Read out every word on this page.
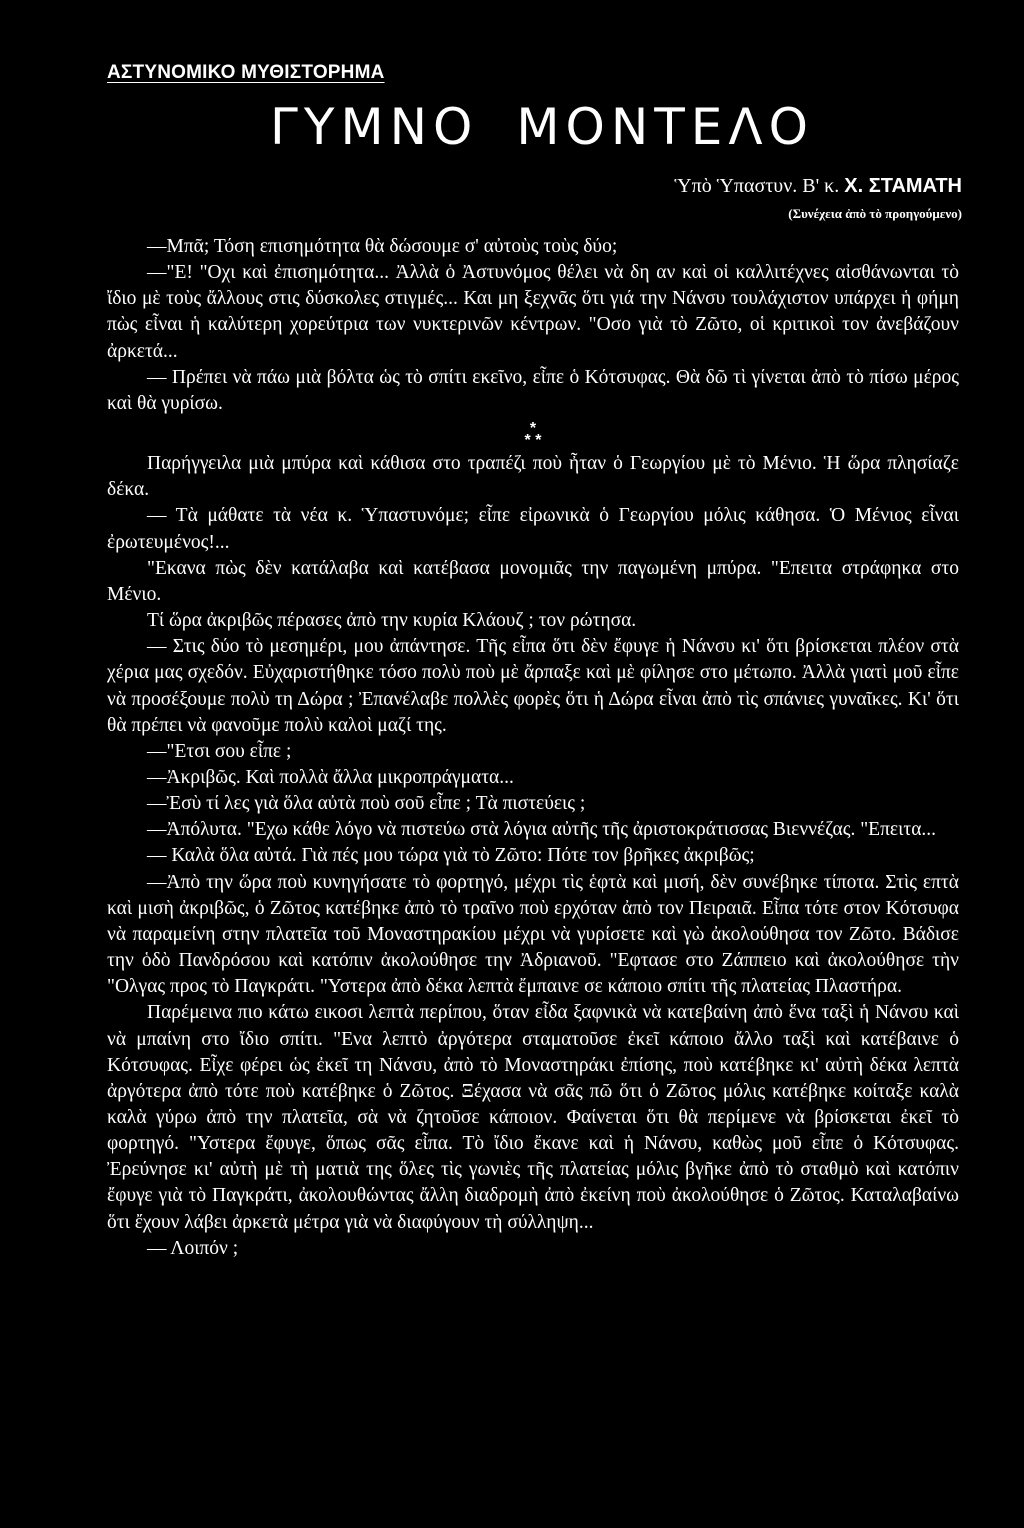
ΑΣΤΥΝΟΜΙΚΟ ΜΥΘΙΣΤΟΡΗΜΑ
ΓΥΜΝΟ ΜΟΝΤΕΛΟ
Ὑπὸ Ὑπαστυν. Β' κ. Χ. ΣΤΑΜΑΤΗ
(Συνέχεια ἀπὸ τὸ προηγούμενο)

—Μπᾶ; Τόση επισημότητα θὰ δώσουμε σ' αὐτοὺς τοὺς δύο;

—"Ε! "Οχι καὶ ἐπισημότητα... Ἀλλὰ ὁ Ἀστυνόμος θέλει νὰ δη αν καὶ οἱ καλλιτέχνες αἰσθάνωνται τὸ ἴδιο μὲ τοὺς ἄλλους στις δύσκολες στιγμές... Και μη ξεχνᾶς ὅτι γιά την Νάνσυ τουλάχιστον υπάρχει ἡ φήμη πὼς εἶναι ἡ καλύτερη χορεύτρια των νυκτερινῶν κέντρων. "Οσο γιὰ τὸ Ζῶτο, οἱ κριτικοὶ τον ἀνεβάζουν ἀρκετά...

— Πρέπει νὰ πάω μιὰ βόλτα ὡς τὸ σπίτι εκεῖνο, εἶπε ὁ Κότσυφας. Θὰ δῶ τὶ γίνεται ἀπὸ τὸ πίσω μέρος καὶ θὰ γυρίσω.

*
* *

Παρήγγειλα μιὰ μπύρα καὶ κάθισα στο τραπέζι ποὺ ἦταν ὁ Γεωργίου μὲ τὸ Μένιο. Ἡ ὥρα πλησίαζε δέκα.

— Τὰ μάθατε τὰ νέα κ. Ὑπαστυνόμε; εἶπε εἰρωνικὰ ὁ Γεωργίου μόλις κάθησα. Ὁ Μένιος εἶναι ἐρωτευμένος!...

"Εκανα πὼς δὲν κατάλαβα καὶ κατέβασα μονομιᾶς την παγωμένη μπύρα. "Επειτα στράφηκα στο Μένιο.

Τί ὥρα ἀκριβῶς πέρασες ἀπὸ την κυρία Κλάουζ ; τον ρώτησα.

— Στις δύο τὸ μεσημέρι, μου ἀπάντησε. Τῆς εἶπα ὅτι δὲν ἔφυγε ἡ Νάνσυ κι' ὅτι βρίσκεται πλέον στὰ χέρια μας σχεδόν. Εὐχαριστήθηκε τόσο πολὺ ποὺ μὲ ἄρπαξε καὶ μὲ φίλησε στο μέτωπο. Ἀλλὰ γιατὶ μοῦ εἶπε νὰ προσέξουμε πολὺ τη Δώρα ; Ἐπανέλαβε πολλὲς φορὲς ὅτι ἡ Δώρα εἶναι ἀπὸ τὶς σπάνιες γυναῖκες. Κι' ὅτι θὰ πρέπει νὰ φανοῦμε πολὺ καλοὶ μαζί της.

—"Ετσι σου εἶπε ;

—Ἀκριβῶς. Καὶ πολλὰ ἄλλα μικροπράγματα...

—Ἐσὺ τί λες γιὰ ὅλα αὐτὰ ποὺ σοῦ εἶπε ; Τὰ πιστεύεις ;

—Ἀπόλυτα. "Εχω κάθε λόγο νὰ πιστεύω στὰ λόγια αὐτῆς τῆς ἀριστοκράτισσας Βιεννέζας. "Επειτα...

— Καλὰ ὅλα αὐτά. Γιὰ πές μου τώρα γιὰ τὸ Ζῶτο: Πότε τον βρῆκες ἀκριβῶς;

—Ἀπὸ την ὥρα ποὺ κυνηγήσατε τὸ φορτηγό, μέχρι τὶς ἑφτὰ καὶ μισή, δὲν συνέβηκε τίποτα. Στὶς επτὰ καὶ μισὴ ἀκριβῶς, ὁ Ζῶτος κατέβηκε ἀπὸ τὸ τραῖνο ποὺ ερχόταν ἀπὸ τον Πειραιᾶ. Εἶπα τότε στον Κότσυφα νὰ παραμείνη στην πλατεῖα τοῦ Μοναστηρακίου μέχρι νὰ γυρίσετε καὶ γὼ ἀκολούθησα τον Ζῶτο. Βάδισε την ὁδὸ Πανδρόσου καὶ κατόπιν ἀκολούθησε την Ἀδριανοῦ. "Εφτασε στο Ζάππειο καὶ ἀκολούθησε τὴν "Ολγας προς τὸ Παγκράτι. "Υστερα ἀπὸ δέκα λεπτὰ ἔμπαινε σε κάποιο σπίτι τῆς πλατείας Πλαστήρα.

Παρέμεινα πιο κάτω εικοσι λεπτὰ περίπου, ὅταν εἶδα ξαφνικὰ νὰ κατεβαίνη ἀπὸ ἕνα ταξὶ ἡ Νάνσυ καὶ νὰ μπαίνη στο ἴδιο σπίτι. "Ενα λεπτὸ ἀργότερα σταματοῦσε ἐκεῖ κάποιο ἄλλο ταξὶ καὶ κατέβαινε ὁ Κότσυφας. Εἶχε φέρει ὡς ἐκεῖ τη Νάνσυ, ἀπὸ τὸ Μοναστηράκι ἐπίσης, ποὺ κατέβηκε κι' αὐτὴ δέκα λεπτὰ ἀργότερα ἀπὸ τότε ποὺ κατέβηκε ὁ Ζῶτος. Ξέχασα νὰ σᾶς πῶ ὅτι ὁ Ζῶτος μόλις κατέβηκε κοίταξε καλὰ καλὰ γύρω ἀπὸ την πλατεῖα, σὰ νὰ ζητοῦσε κάποιον. Φαίνεται ὅτι θὰ περίμενε νὰ βρίσκεται ἐκεῖ τὸ φορτηγό. "Υστερα ἔφυγε, ὅπως σᾶς εἶπα. Τὸ ἴδιο ἔκανε καὶ ἡ Νάνσυ, καθὼς μοῦ εἶπε ὁ Κότσυφας. Ἐρεύνησε κι' αὐτὴ μὲ τὴ ματιὰ της ὅλες τὶς γωνιὲς τῆς πλατείας μόλις βγῆκε ἀπὸ τὸ σταθμὸ καὶ κατόπιν ἔφυγε γιὰ τὸ Παγκράτι, ἀκολουθώντας ἄλλη διαδρομὴ ἀπὸ ἐκείνη ποὺ ἀκολούθησε ὁ Ζῶτος. Καταλαβαίνω ὅτι ἔχουν λάβει ἀρκετὰ μέτρα γιὰ νὰ διαφύγουν τὴ σύλληψη...

— Λοιπόν ;
